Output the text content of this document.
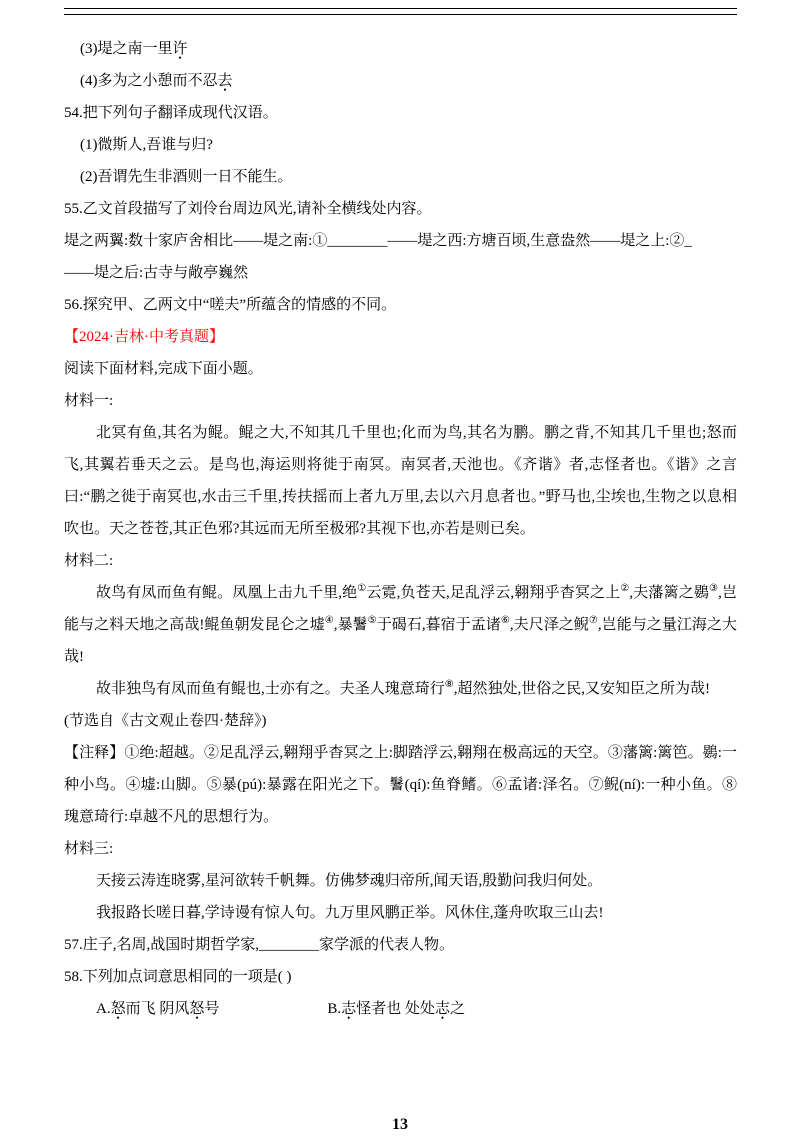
(3)堤之南一里许

(4)多为之小憩而不忍去

54.把下列句子翻译成现代汉语。

(1)微斯人,吾谁与归?

(2)吾谓先生非酒则一日不能生。

55.乙文首段描写了刘伶台周边风光,请补全横线处内容。

堤之两翼:数十家庐舍相比——堤之南:①________——堤之西:方塘百顷,生意盎然——堤之上:②_

——堤之后:古寺与敞亭巍然

56.探究甲、乙两文中“嗟夫”所蕴含的情感的不同。

【2024·吉林·中考真题】

阅读下面材料,完成下面小题。

材料一:

北冥有鱼,其名为鲲。鲲之大,不知其几千里也;化而为鸟,其名为鹏。鹏之背,不知其几千里也;怒而飞,其翼若垂天之云。是鸟也,海运则将徙于南冥。南冥者,天池也。《齐谐》者,志怪者也。《谐》之言曰:“鹏之徙于南冥也,水击三千里,抟扶摇而上者九万里,去以六月息者也。”野马也,尘埃也,生物之以息相吹也。天之苍苍,其正色邪?其远而无所至极邪?其视下也,亦若是则已矣。

材料二:

故鸟有凤而鱼有鲲。凤凰上击九千里,绝①云霓,负苍天,足乱浮云,翱翔乎杳冥之上②,夫藩篱之鷃③,岂能与之料天地之高哉!鲲鱼朝发昆仑之墟④,暴鬐⑤于碣石,暮宿于孟诸⑥,夫尺泽之鲵⑦,岂能与之量江海之大哉!

故非独鸟有凤而鱼有鲲也,士亦有之。夫圣人瑰意琦行⑧,超然独处,世俗之民,又安知臣之所为哉!

(节选自《古文观止卷四·楚辞》)

【注释】①绝:超越。②足乱浮云,翱翔乎杳冥之上:脚踏浮云,翱翔在极高远的天空。③藩篱:篱笆。鷃:一种小鸟。④墟:山脚。⑤暴(pú):暴露在阳光之下。鬐(qí):鱼脊鳍。⑥孟诸:泽名。⑦鲵(ní):一种小鱼。⑧瑰意琦行:卓越不凡的思想行为。

材料三:

天接云涛连晓雾,星河欲转千帆舞。仿佛梦魂归帝所,闻天语,殷勤问我归何处。

我报路长嗟日暮,学诗谩有惊人句。九万里风鹏正举。风休住,蓬舟吹取三山去!

57.庄子,名周,战国时期哲学家,________家学派的代表人物。

58.下列加点词意思相同的一项是( )

A.怒而飞 阴风怒号	B.志怪者也 处处志之

13
